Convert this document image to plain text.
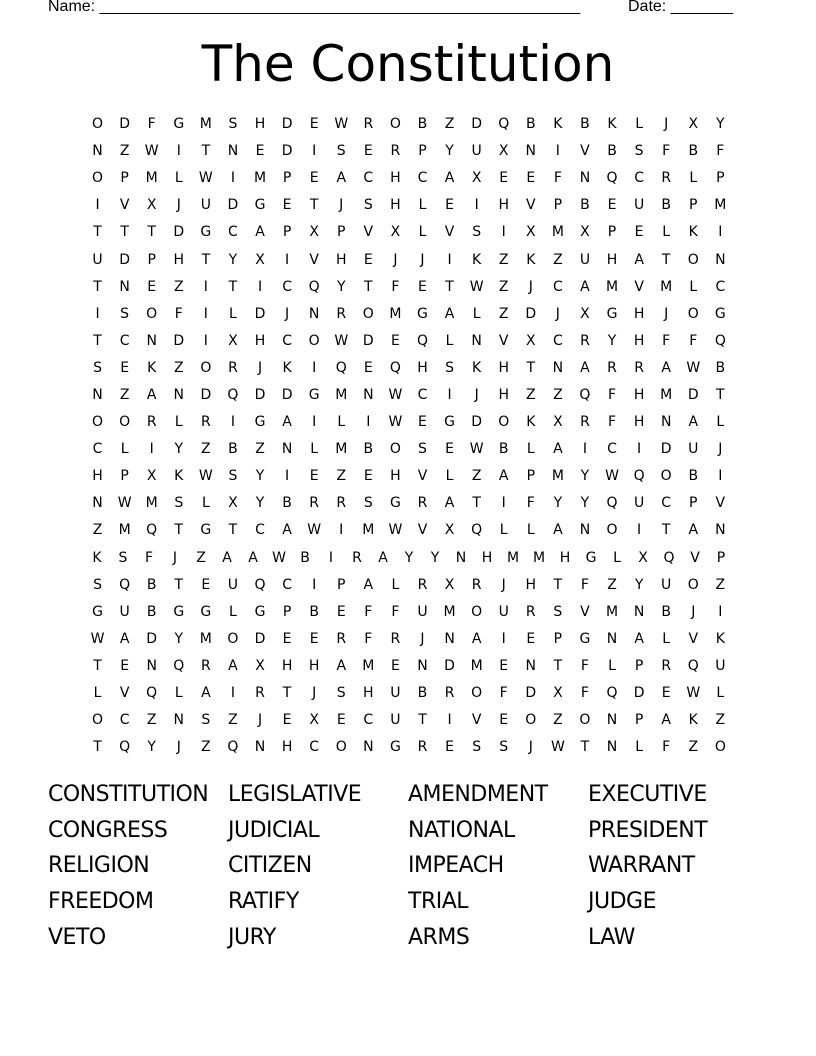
Name: ______________________________________________________	Date: _______
The Constitution
O	D	F	G	M	S	H	D	E	W	R	O	B	Z	D	Q	B	K	B	K	L	J	X	Y
N	Z	W	I	T	N	E	D	I	S	E	R	P	Y	U	X	N	I	V	B	S	F	B	F
O	P	M	L	W	I	M	P	E	A	C	H	C	A	X	E	E	F	N	Q	C	R	L	P
I	V	X	J	U	D	G	E	T	J	S	H	L	E	I	H	V	P	B	E	U	B	P	M
T	T	T	D	G	C	A	P	X	P	V	X	L	V	S	I	X	M	X	P	E	L	K	I
U	D	P	H	T	Y	X	I	V	H	E	J	J	I	K	Z	K	Z	U	H	A	T	O	N
T	N	E	Z	I	T	I	C	Q	Y	T	F	E	T	W	Z	J	C	A	M	V	M	L	C
I	S	O	F	I	L	D	J	N	R	O	M	G	A	L	Z	D	J	X	G	H	J	O	G
T	C	N	D	I	X	H	C	O	W	D	E	Q	L	N	V	X	C	R	Y	H	F	F	Q
S	E	K	Z	O	R	J	K	I	Q	E	Q	H	S	K	H	T	N	A	R	R	A	W	B
N	Z	A	N	D	Q	D	D	G	M	N	W	C	I	J	H	Z	Z	Q	F	H	M	D	T
O	O	R	L	R	I	G	A	I	L	I	W	E	G	D	O	K	X	R	F	H	N	A	L
C	L	I	Y	Z	B	Z	N	L	M	B	O	S	E	W	B	L	A	I	C	I	D	U	J
H	P	X	K	W	S	Y	I	E	Z	E	H	V	L	Z	A	P	M	Y	W	Q	O	B	I
N	W	M	S	L	X	Y	B	R	R	S	G	R	A	T	I	F	Y	Y	Q	U	C	P	V
Z	M	Q	T	G	T	C	A	W	I	M	W	V	X	Q	L	L	A	N	O	I	T	A	N
K	S	F	J	Z	A	A	W	B	I	R	A	Y	Y	N	H	M M	H	G	L	X	Q	V	P
S	Q	B	T	E	U	Q	C	I	P	A	L	R	X	R	J	H	T	F	Z	Y	U	O	Z
G	U	B	G	G	L	G	P	B	E	F	F	U	M	O	U	R	S	V	M	N	B	J	I
W	A	D	Y	M	O	D	E	E	R	F	R	J	N	A	I	E	P	G	N	A	L	V	K
T	E	N	Q	R	A	X	H	H	A	M	E	N	D	M	E	N	T	F	L	P	R	Q	U
L	V	Q	L	A	I	R	T	J	S	H	U	B	R	O	F	D	X	F	Q	D	E	W	L
O	C	Z	N	S	Z	J	E	X	E	C	U	T	I	V	E	O	Z	O	N	P	A	K	Z
T	Q	Y	J	Z	Q	N	H	C	O	N	G	R	E	S	S	J	W	T	N	L	F	Z	O
CONSTITUTION LEGISLATIVE	AMENDMENT	EXECUTIVE
CONGRESS	JUDICIAL	NATIONAL	PRESIDENT
RELIGION	CITIZEN	IMPEACH	WARRANT
FREEDOM	RATIFY	TRIAL	JUDGE
VETO	JURY	ARMS	LAW
